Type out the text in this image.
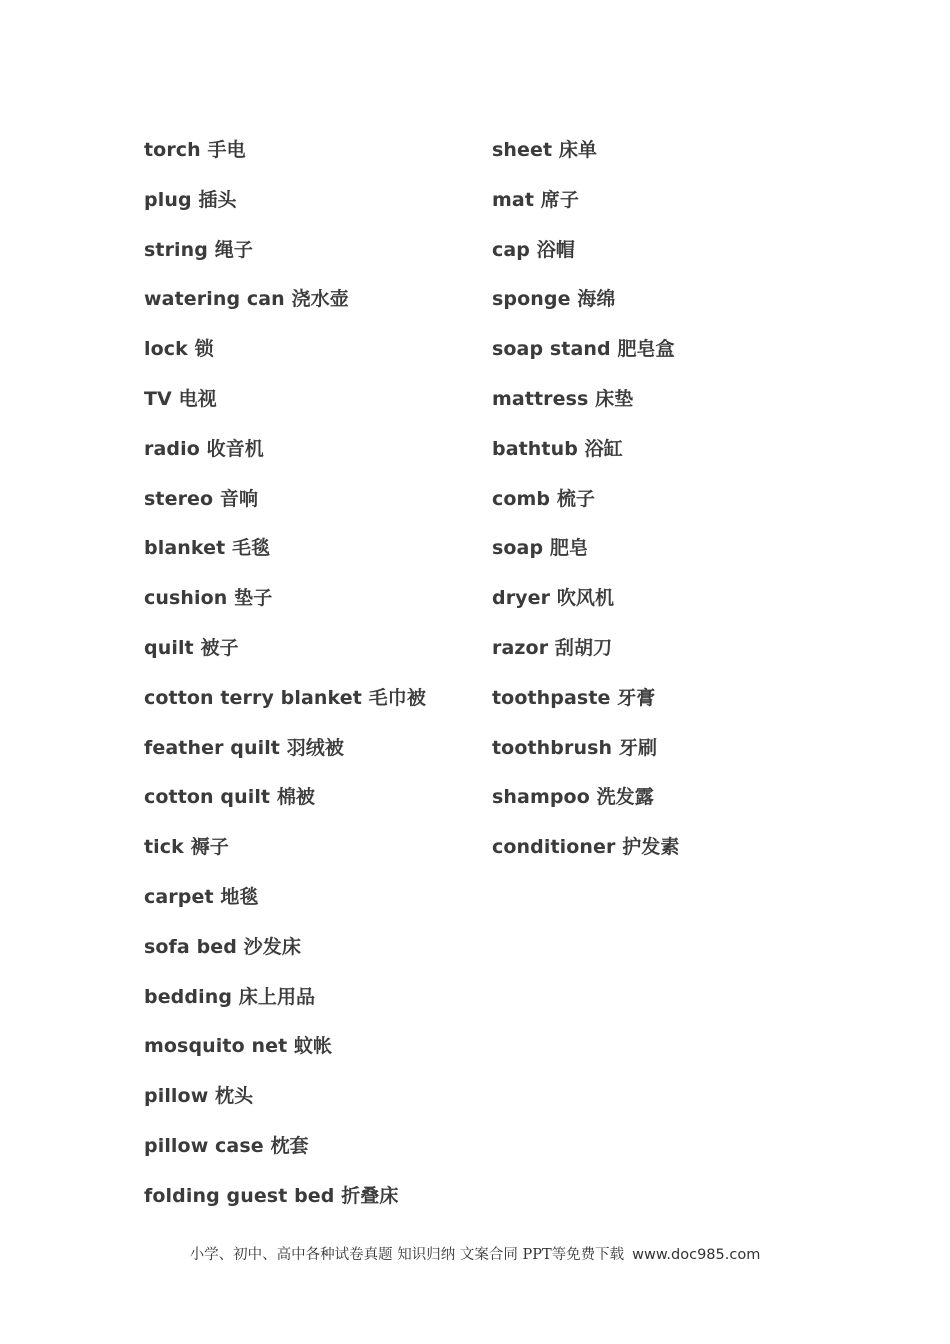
torch 手电
plug 插头
string 绳子
watering can 浇水壶
lock 锁
TV 电视
radio 收音机
stereo 音响
blanket 毛毯
cushion 垫子
quilt 被子
cotton terry blanket 毛巾被
feather quilt 羽绒被
cotton quilt 棉被
tick 褥子
carpet 地毯
sofa bed 沙发床
bedding 床上用品
mosquito net 蚊帐
pillow 枕头
pillow case 枕套
folding guest bed 折叠床
sheet 床单
mat 席子
cap 浴帽
sponge 海绵
soap stand 肥皂盒
mattress 床垫
bathtub 浴缸
comb 梳子
soap 肥皂
dryer 吹风机
razor 刮胡刀
toothpaste 牙膏
toothbrush 牙刷
shampoo 洗发露
conditioner 护发素
小学、初中、高中各种试卷真题 知识归纳 文案合同 PPT等免费下载 www.doc985.com
